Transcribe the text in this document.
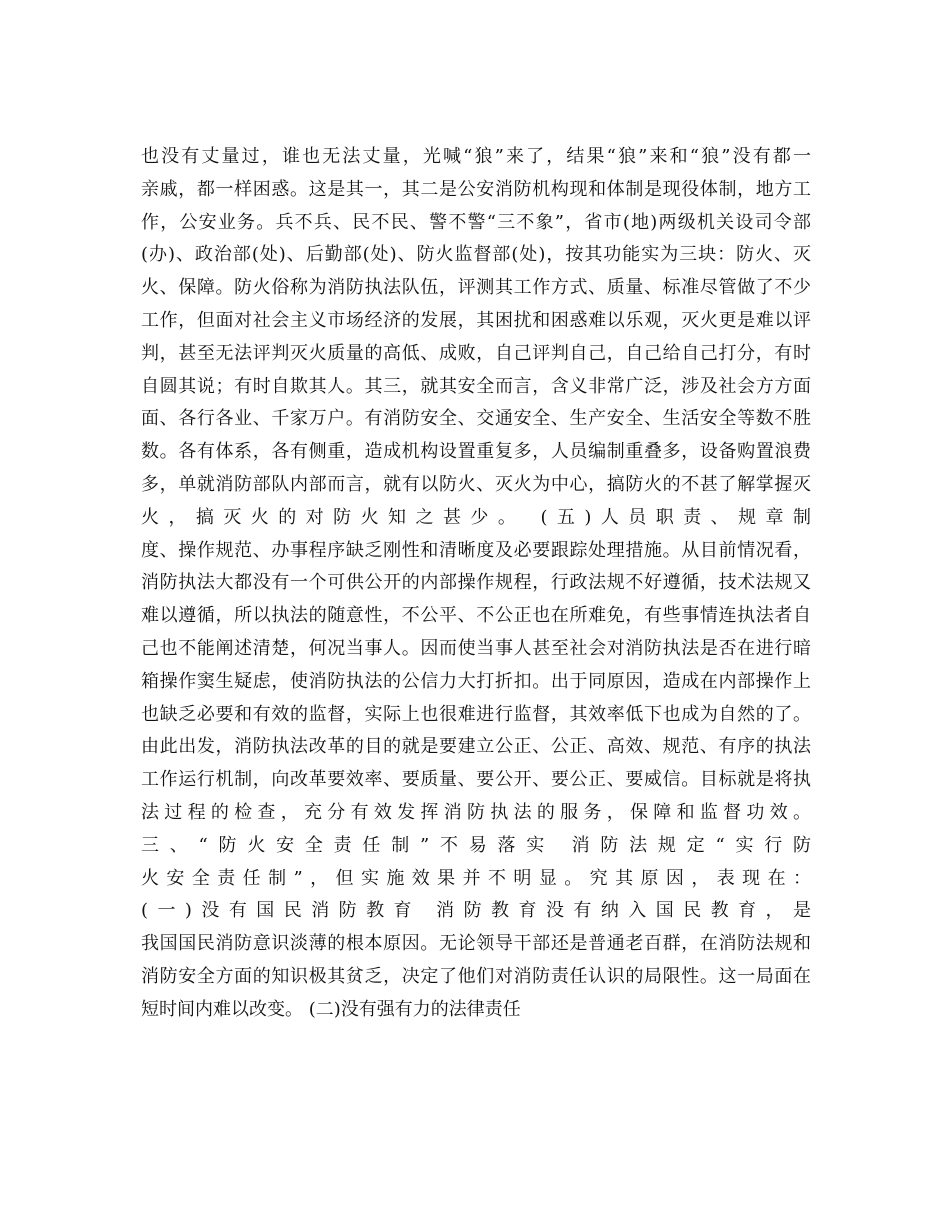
也没有丈量过，谁也无法丈量，光喊“狼”来了，结果“狼”来和“狼”没有都一
亲戚，都一样困惑。这是其一，其二是公安消防机构现和体制是现役体制，地方工
作，公安业务。兵不兵、民不民、警不警“三不象”，省市(地)两级机关设司令部
(办)、政治部(处)、后勤部(处)、防火监督部(处)，按其功能实为三块：防火、灭
火、保障。防火俗称为消防执法队伍，评测其工作方式、质量、标准尽管做了不少
工作，但面对社会主义市场经济的发展，其困扰和困惑难以乐观，灭火更是难以评
判，甚至无法评判灭火质量的高低、成败，自己评判自己，自己给自己打分，有时
自圆其说；有时自欺其人。其三，就其安全而言，含义非常广泛，涉及社会方方面
面、各行各业、千家万户。有消防安全、交通安全、生产安全、生活安全等数不胜
数。各有体系，各有侧重，造成机构设置重复多，人员编制重叠多，设备购置浪费
多，单就消防部队内部而言，就有以防火、灭火为中心，搞防火的不甚了解掌握灭
火，搞灭火的对防火知之甚少。 (五)人员职责、规章制
度、操作规范、办事程序缺乏刚性和清晰度及必要跟踪处理措施。从目前情况看，
消防执法大都没有一个可供公开的内部操作规程，行政法规不好遵循，技术法规又
难以遵循，所以执法的随意性，不公平、不公正也在所难免，有些事情连执法者自
己也不能阐述清楚，何况当事人。因而使当事人甚至社会对消防执法是否在进行暗
箱操作窦生疑虑，使消防执法的公信力大打折扣。出于同原因，造成在内部操作上
也缺乏必要和有效的监督，实际上也很难进行监督，其效率低下也成为自然的了。
由此出发，消防执法改革的目的就是要建立公正、公正、高效、规范、有序的执法
工作运行机制，向改革要效率、要质量、要公开、要公正、要威信。目标就是将执
法过程的检查，充分有效发挥消防执法的服务，保障和监督功效。
三、“防火安全责任制”不易落实 消防法规定“实行防
火安全责任制”，但实施效果并不明显。究其原因，表现在：
(一)没有国民消防教育 消防教育没有纳入国民教育，是
我国国民消防意识淡薄的根本原因。无论领导干部还是普通老百群，在消防法规和
消防安全方面的知识极其贫乏，决定了他们对消防责任认识的局限性。这一局面在
短时间内难以改变。 (二)没有强有力的法律责任
